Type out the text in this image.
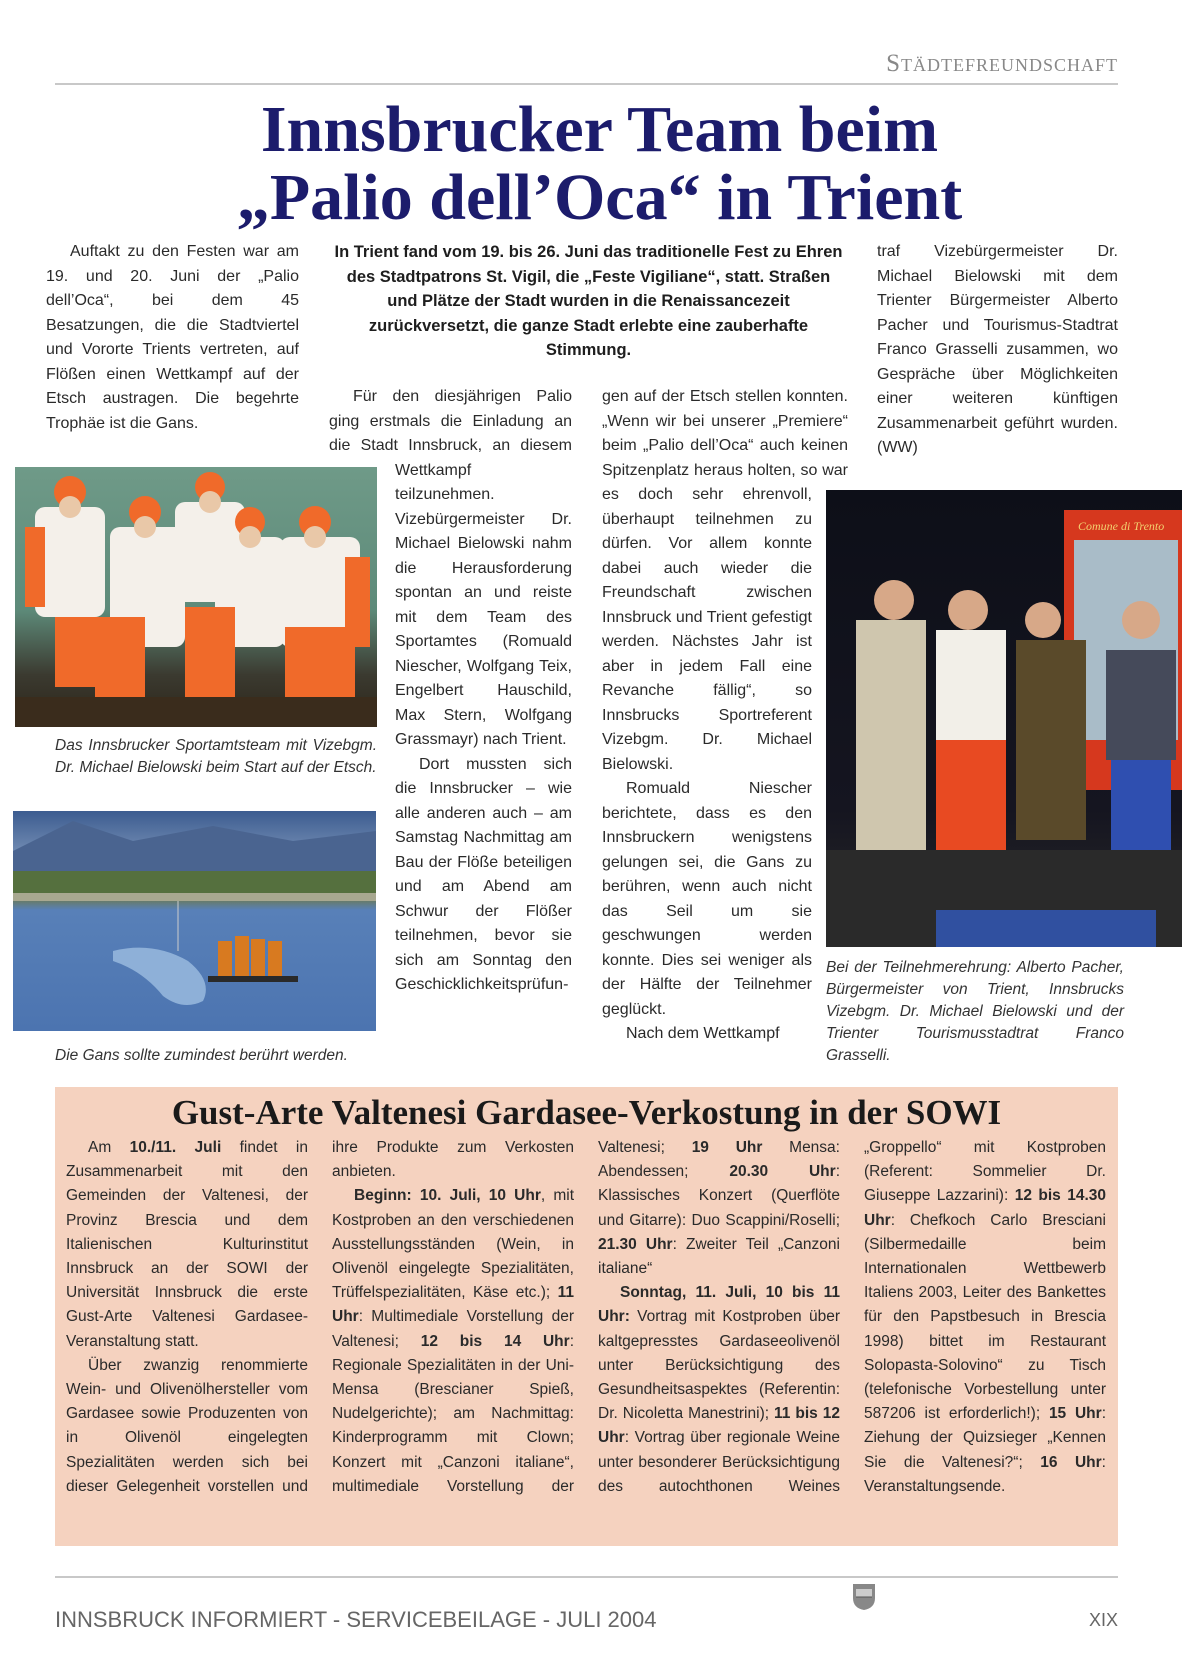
Städtefreundschaft
Innsbrucker Team beim
„Palio dell’Oca“ in Trient

Auftakt zu den Festen war am 19. und 20. Juni der „Palio dell’Oca“, bei dem 45 Besatzungen, die die Stadtviertel und Vororte Trients vertreten, auf Flößen einen Wettkampf auf der Etsch austragen. Die begehrte Trophäe ist die Gans.

In Trient fand vom 19. bis 26. Juni das traditionelle Fest zu Ehren des Stadtpatrons St. Vigil, die „Feste Vigiliane“, statt. Straßen und Plätze der Stadt wurden in die Renaissancezeit zurückversetzt, die ganze Stadt erlebte eine zauberhafte Stimmung.

Für den diesjährigen Palio ging erstmals die Einladung an die Stadt Innsbruck, an diesem Wettkampf teilzunehmen. Vizebürgermeister Dr. Michael Bielowski nahm die Herausforderung spontan an und reiste mit dem Team des Sportamtes (Romuald Niescher, Wolfgang Teix, Engelbert Hauschild, Max Stern, Wolfgang Grassmayr) nach Trient.

Dort mussten sich die Innsbrucker – wie alle anderen auch – am Samstag Nachmittag am Bau der Flöße beteiligen und am Abend am Schwur der Flößer teilnehmen, bevor sie sich am Sonntag den Geschicklichkeitsprüfun-

gen auf der Etsch stellen konnten. „Wenn wir bei unserer „Premiere“ beim „Palio dell’Oca“ auch keinen Spitzenplatz heraus holten, so war es doch sehr ehrenvoll, überhaupt teilnehmen zu dürfen. Vor allem konnte dabei auch wieder die Freundschaft zwischen Innsbruck und Trient gefestigt werden. Nächstes Jahr ist aber in jedem Fall eine Revanche fällig“, so Innsbrucks Sportreferent Vizebgm. Dr. Michael Bielowski.

Romuald Niescher berichtete, dass es den Innsbruckern wenigstens gelungen sei, die Gans zu berühren, wenn auch nicht das Seil um sie geschwungen werden konnte. Dies sei weniger als der Hälfte der Teilnehmer geglückt.

Nach dem Wettkampf

traf Vizebürgermeister Dr. Michael Bielowski mit dem Trienter Bürgermeister Alberto Pacher und Tourismus-Stadtrat Franco Grasselli zusammen, wo Gespräche über Möglichkeiten einer weiteren künftigen Zusammenarbeit geführt wurden. (WW)

Das Innsbrucker Sportamtsteam mit Vizebgm. Dr. Michael Bielowski beim Start auf der Etsch.
Die Gans sollte zumindest berührt werden.
Comune di Trento
Bei der Teilnehmerehrung: Alberto Pacher, Bürgermeister von Trient, Innsbrucks Vizebgm. Dr. Michael Bielowski und der Trienter Tourismusstadtrat Franco Grasselli.
Gust-Arte Valtenesi Gardasee-Verkostung in der SOWI

Am 10./11. Juli findet in Zusammenarbeit mit den Gemeinden der Valtenesi, der Provinz Brescia und dem Italienischen Kulturinstitut Innsbruck an der SOWI der Universität Innsbruck die erste Gust-Arte Valtenesi Gardasee-Veranstaltung statt.

Über zwanzig renommierte Wein- und Olivenölhersteller vom Gardasee sowie Produzenten von in Olivenöl eingelegten Spezialitäten werden sich bei dieser Gelegenheit vorstellen und ihre Produkte zum Verkosten anbieten.

Beginn: 10. Juli, 10 Uhr, mit Kostproben an den verschiedenen Ausstellungsständen (Wein, in Olivenöl eingelegte Spezialitäten, Trüffelspezialitäten, Käse etc.); 11 Uhr: Multimediale Vorstellung der Valtenesi; 12 bis 14 Uhr: Regionale Spezialitäten in der Uni-Mensa (Brescianer Spieß, Nudelgerichte); am Nachmittag: Kinderprogramm mit Clown; Konzert mit „Canzoni italiane“, multimediale Vorstellung der Valtenesi; 19 Uhr Mensa: Abendessen; 20.30 Uhr: Klassisches Konzert (Querflöte und Gitarre): Duo Scappini/Roselli; 21.30 Uhr: Zweiter Teil „Canzoni italiane“

Sonntag, 11. Juli, 10 bis 11 Uhr: Vortrag mit Kostproben über kaltgepresstes Gardaseeolivenöl unter Berücksichtigung des Gesundheitsaspektes (Referentin: Dr. Nicoletta Manestrini); 11 bis 12 Uhr: Vortrag über regionale Weine unter besonderer Berücksichtigung des autochthonen Weines „Groppello“ mit Kostproben (Referent: Sommelier Dr. Giuseppe Lazzarini): 12 bis 14.30 Uhr: Chefkoch Carlo Bresciani (Silbermedaille beim Internationalen Wettbewerb Italiens 2003, Leiter des Bankettes für den Papstbesuch in Brescia 1998) bittet im Restaurant Solopasta-Solovino“ zu Tisch (telefonische Vorbestellung unter 587206 ist erforderlich!); 15 Uhr: Ziehung der Quizsieger „Kennen Sie die Valtenesi?“; 16 Uhr: Veranstaltungsende.

INNSBRUCK INFORMIERT - SERVICEBEILAGE - JULI 2004	XIX
